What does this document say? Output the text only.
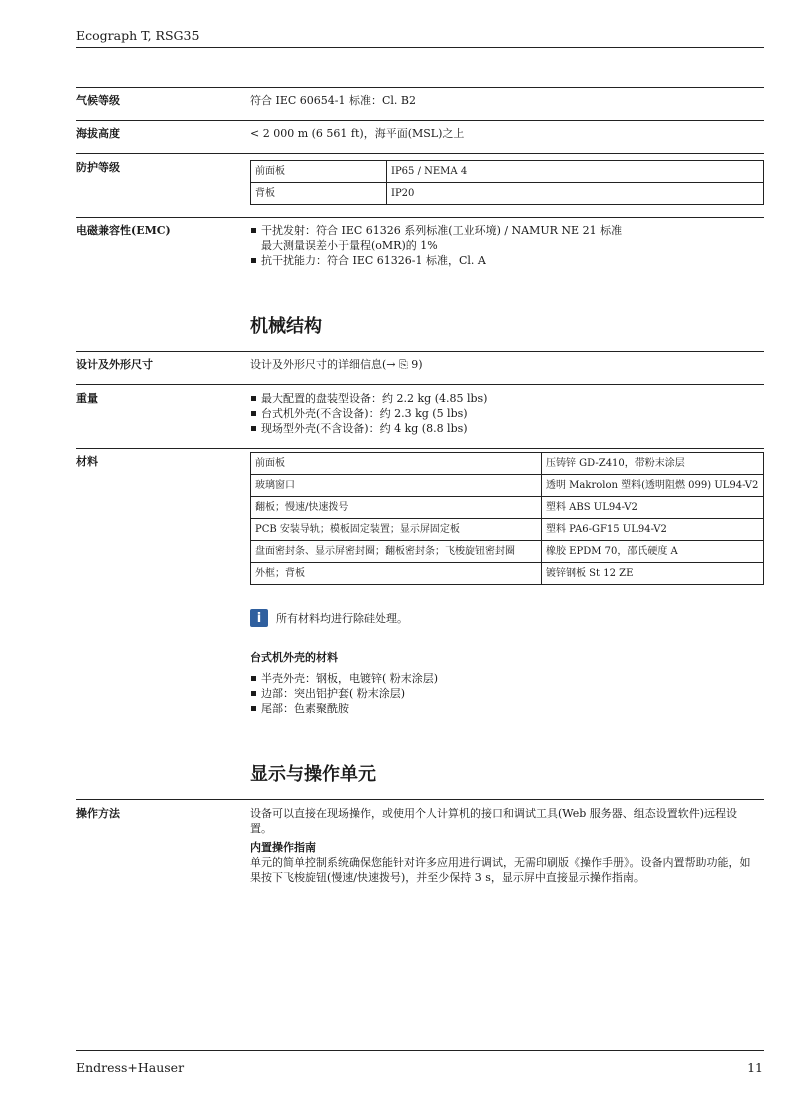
Ecograph T, RSG35
气候等级	符合 IEC 60654-1 标准：Cl. B2
海拔高度	< 2 000 m (6 561 ft)，海平面(MSL)之上
防护等级	前面板	IP65 / NEMA 4
背板	IP20
电磁兼容性(EMC)	干扰发射：符合 IEC 61326 系列标准(工业环境) / NAMUR NE 21 标准
最大测量误差小于量程(oMR)的 1%
抗干扰能力：符合 IEC 61326-1 标准，Cl. A
机械结构
设计及外形尺寸	设计及外形尺寸的详细信息(→ ⎘ 9)
重量	最大配置的盘装型设备：约 2.2 kg (4.85 lbs)
台式机外壳(不含设备)：约 2.3 kg (5 lbs)
现场型外壳(不含设备)：约 4 kg (8.8 lbs)
材料	前面板	压铸锌 GD-Z410，带粉末涂层
玻璃窗口	透明 Makrolon 塑料(透明阻燃 099) UL94-V2
翻板；慢速/快速拨号	塑料 ABS UL94-V2
PCB 安装导轨；模板固定装置；显示屏固定板	塑料 PA6-GF15 UL94-V2
盘面密封条、显示屏密封圈；翻板密封条；飞梭旋钮密封圈	橡胶 EPDM 70，邵氏硬度 A
外框；背板	镀锌钢板 St 12 ZE
i	所有材料均进行除硅处理。
台式机外壳的材料
半壳外壳：钢板，电镀锌( 粉末涂层)
边部：突出铝护套( 粉末涂层)
尾部：色素聚酰胺
显示与操作单元
操作方法	设备可以直接在现场操作，或使用个人计算机的接口和调试工具(Web 服务器、组态设置软件)远程设置。
内置操作指南
单元的简单控制系统确保您能针对许多应用进行调试，无需印刷版《操作手册》。设备内置帮助功能，如果按下飞梭旋钮(慢速/快速拨号)，并至少保持 3 s，显示屏中直接显示操作指南。
Endress+Hauser	11
